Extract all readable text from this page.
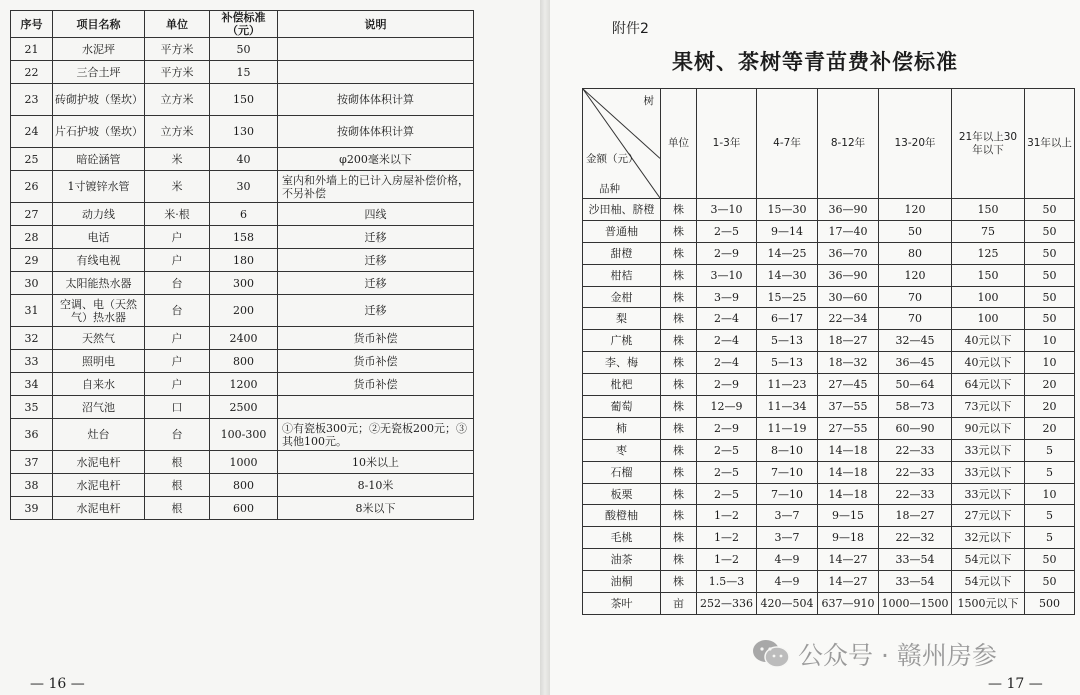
序号	项目名称	单位	补偿标准（元）	说明
21	水泥坪	平方米	50	
22	三合土坪	平方米	15	
23	砖砌护坡（堡坎）	立方米	150	按砌体体积计算
24	片石护坡（堡坎）	立方米	130	按砌体体积计算
25	暗砼涵管	米	40	φ200毫米以下
26	1寸镀锌水管	米	30	室内和外墙上的已计入房屋补偿价格，不另补偿
27	动力线	米·根	6	四线
28	电话	户	158	迁移
29	有线电视	户	180	迁移
30	太阳能热水器	台	300	迁移
31	空调、电（天然气）热水器	台	200	迁移
32	天然气	户	2400	货币补偿
33	照明电	户	800	货币补偿
34	自来水	户	1200	货币补偿
35	沼气池	口	2500	
36	灶台	台	100-300	①有瓷板300元；②无瓷板200元；③其他100元。
37	水泥电杆	根	1000	10米以上
38	水泥电杆	根	800	8-10米
39	水泥电杆	根	600	8米以下
— 16 —
附件2
果树、茶树等青苗费补偿标准
树
金额（元）
品种	单位	1-3年	4-7年	8-12年	13-20年	21年以上30年以下	31年以上
沙田柚、脐橙	株	3—10	15—30	36—90	120	150	50
普通柚	株	2—5	9—14	17—40	50	75	50
甜橙	株	2—9	14—25	36—70	80	125	50
柑桔	株	3—10	14—30	36—90	120	150	50
金柑	株	3—9	15—25	30—60	70	100	50
梨	株	2—4	6—17	22—34	70	100	50
广桃	株	2—4	5—13	18—27	32—45	40元以下	10
李、梅	株	2—4	5—13	18—32	36—45	40元以下	10
枇杷	株	2—9	11—23	27—45	50—64	64元以下	20
葡萄	株	12—9	11—34	37—55	58—73	73元以下	20
柿	株	2—9	11—19	27—55	60—90	90元以下	20
枣	株	2—5	8—10	14—18	22—33	33元以下	5
石榴	株	2—5	7—10	14—18	22—33	33元以下	5
板栗	株	2—5	7—10	14—18	22—33	33元以下	10
酸橙柚	株	1—2	3—7	9—15	18—27	27元以下	5
毛桃	株	1—2	3—7	9—18	22—32	32元以下	5
油茶	株	1—2	4—9	14—27	33—54	54元以下	50
油桐	株	1.5—3	4—9	14—27	33—54	54元以下	50
茶叶	亩	252—336	420—504	637—910	1000—1500	1500元以下	500
— 17 —
公众号 · 赣州房参
